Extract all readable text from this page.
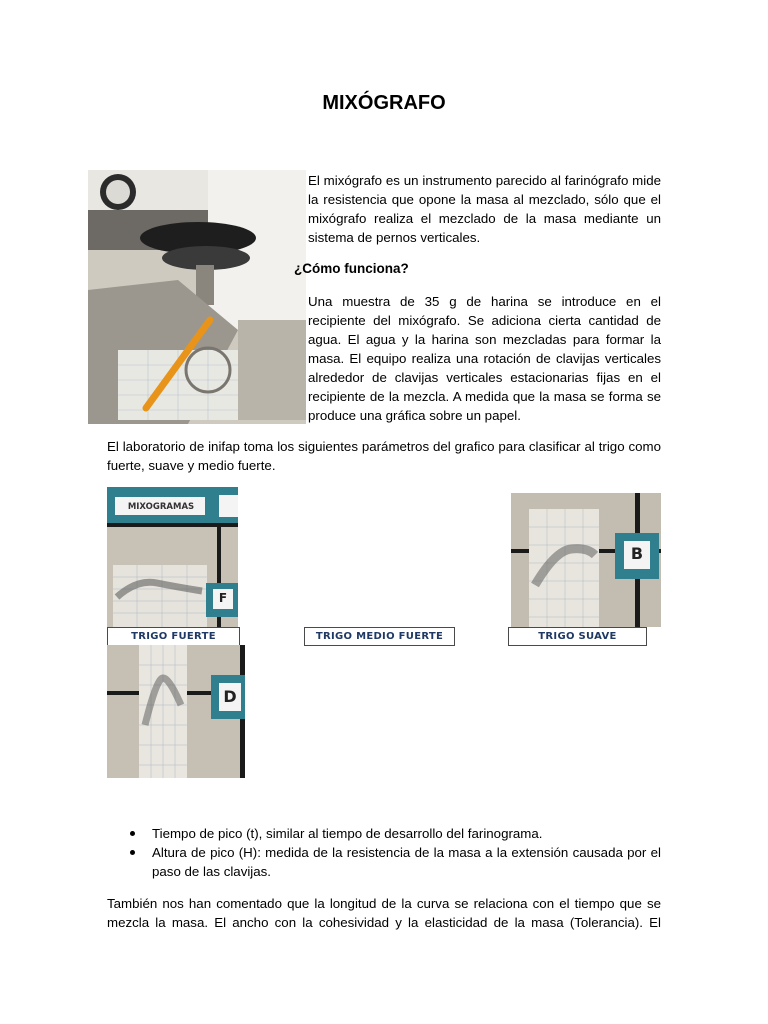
MIXÓGRAFO
El mixógrafo es un instrumento parecido al farinógrafo mide la resistencia que opone la masa al mezclado, sólo que el mixógrafo realiza el mezclado de la masa mediante un sistema de pernos verticales.
¿Cómo funciona?
Una muestra de 35 g de harina se introduce en el recipiente del mixógrafo. Se adiciona cierta cantidad de agua. El agua y la harina son mezcladas para formar la masa. El equipo realiza una rotación de clavijas verticales alrededor de clavijas verticales estacionarias fijas en el recipiente de la mezcla. A medida que la masa se forma se produce una gráfica sobre un papel.
El laboratorio de inifap toma los siguientes parámetros del grafico para clasificar al trigo como fuerte, suave y medio fuerte.
MIXOGRAMAS
F
B
TRIGO FUERTE	TRIGO MEDIO FUERTE	TRIGO SUAVE
D
Tiempo de pico (t), similar al tiempo de desarrollo del farinograma.
Altura de pico (H): medida de la resistencia de la masa a la extensión causada por el paso de las clavijas.
También nos han comentado que la longitud de la curva se relaciona con el tiempo que se mezcla la masa. El ancho con la cohesividad y la elasticidad de la masa (Tolerancia). El
